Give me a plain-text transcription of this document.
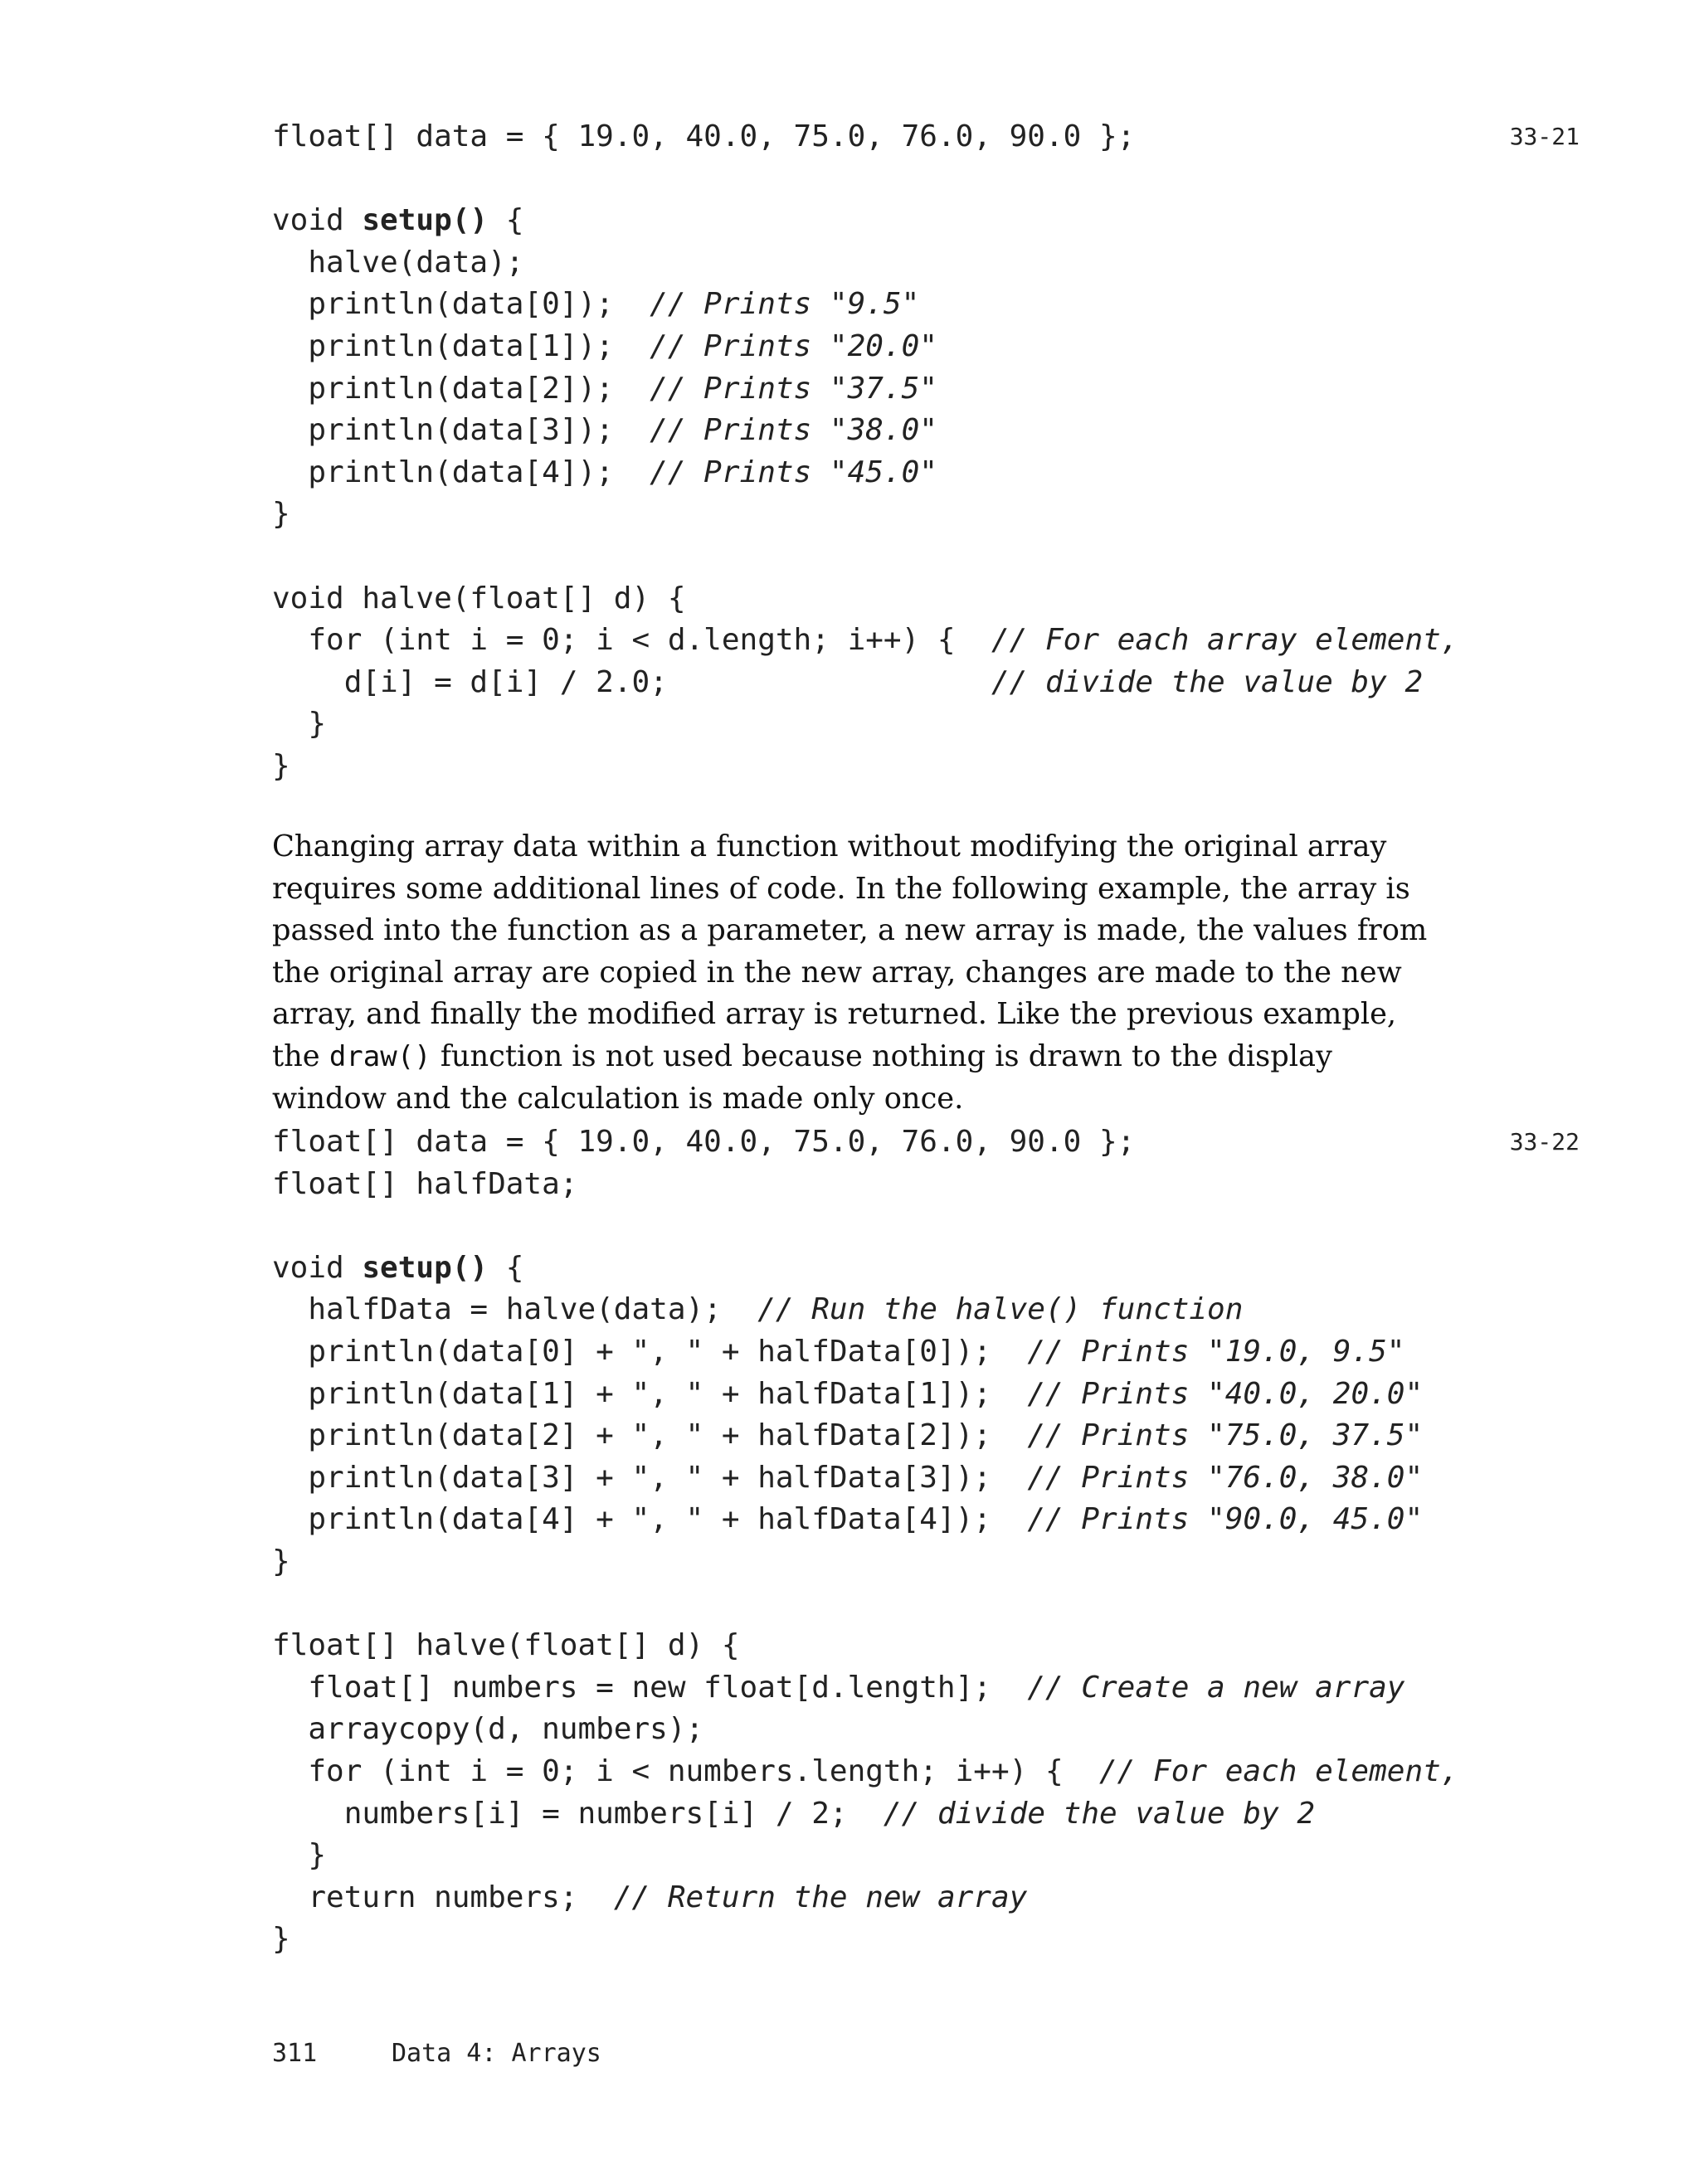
float[] data = { 19.0, 40.0, 75.0, 76.0, 90.0 };
void setup() {
halve(data);
println(data[0]);  // Prints "9.5"
println(data[1]);  // Prints "20.0"
println(data[2]);  // Prints "37.5"
println(data[3]);  // Prints "38.0"
println(data[4]);  // Prints "45.0"
}
void halve(float[] d) {
for (int i = 0; i < d.length; i++) {  // For each array element,
d[i] = d[i] / 2.0;                  // divide the value by 2
}
}
33-21
Changing array data within a function without modifying the original array requires some additional lines of code. In the following example, the array is passed into the function as a parameter, a new array is made, the values from the original array are copied in the new array, changes are made to the new array, and finally the modified array is returned. Like the previous example, the draw() function is not used because nothing is drawn to the display window and the calculation is made only once.
float[] data = { 19.0, 40.0, 75.0, 76.0, 90.0 };
float[] halfData;
void setup() {
halfData = halve(data);  // Run the halve() function
println(data[0] + ", " + halfData[0]);  // Prints "19.0, 9.5"
println(data[1] + ", " + halfData[1]);  // Prints "40.0, 20.0"
println(data[2] + ", " + halfData[2]);  // Prints "75.0, 37.5"
println(data[3] + ", " + halfData[3]);  // Prints "76.0, 38.0"
println(data[4] + ", " + halfData[4]);  // Prints "90.0, 45.0"
}
float[] halve(float[] d) {
float[] numbers = new float[d.length];  // Create a new array
arraycopy(d, numbers);
for (int i = 0; i < numbers.length; i++) {  // For each element,
numbers[i] = numbers[i] / 2;  // divide the value by 2
}
return numbers;  // Return the new array
}
33-22
311	Data 4: Arrays
